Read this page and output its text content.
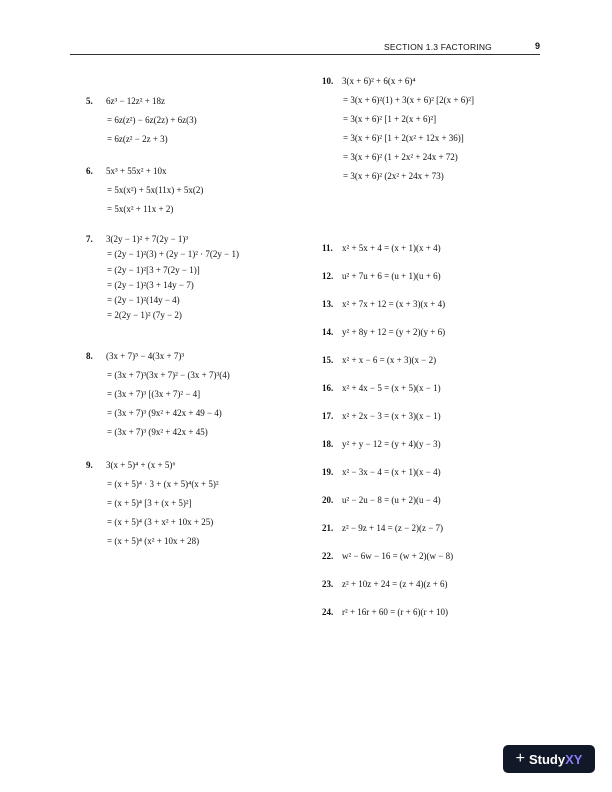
SECTION 1.3 FACTORING	9
5. 6z³ − 12z² + 18z
= 6z(z²) − 6z(2z) + 6z(3)
= 6z(z² − 2z + 3)
6. 5x³ + 55x² + 10x
= 5x(x²) + 5x(11x) + 5x(2)
= 5x(x² + 11x + 2)
7. 3(2y − 1)² + 7(2y − 1)³
= (2y − 1)²(3) + (2y − 1)² · 7(2y − 1)
= (2y − 1)²[3 + 7(2y − 1)]
= (2y − 1)²(3 + 14y − 7)
= (2y − 1)²(14y − 4)
= 2(2y − 1)² (7y − 2)
8. (3x + 7)⁵ − 4(3x + 7)³
= (3x + 7)³(3x + 7)² − (3x + 7)³(4)
= (3x + 7)³ [(3x + 7)² − 4]
= (3x + 7)³ (9x² + 42x + 49 − 4)
= (3x + 7)³ (9x² + 42x + 45)
9. 3(x + 5)⁴ + (x + 5)⁶
= (x + 5)⁴ · 3 + (x + 5)⁴(x + 5)²
= (x + 5)⁴ [3 + (x + 5)²]
= (x + 5)⁴ (3 + x² + 10x + 25)
= (x + 5)⁴ (x² + 10x + 28)
10. 3(x + 6)² + 6(x + 6)⁴
= 3(x + 6)²(1) + 3(x + 6)² [2(x + 6)²]
= 3(x + 6)² [1 + 2(x + 6)²]
= 3(x + 6)² [1 + 2(x² + 12x + 36)]
= 3(x + 6)² (1 + 2x² + 24x + 72)
= 3(x + 6)² (2x² + 24x + 73)
11. x² + 5x + 4 = (x + 1)(x + 4)
12. u² + 7u + 6 = (u + 1)(u + 6)
13. x² + 7x + 12 = (x + 3)(x + 4)
14. y² + 8y + 12 = (y + 2)(y + 6)
15. x² + x − 6 = (x + 3)(x − 2)
16. x² + 4x − 5 = (x + 5)(x − 1)
17. x² + 2x − 3 = (x + 3)(x − 1)
18. y² + y − 12 = (y + 4)(y − 3)
19. x² − 3x − 4 = (x + 1)(x − 4)
20. u² − 2u − 8 = (u + 2)(u − 4)
21. z² − 9z + 14 = (z − 2)(z − 7)
22. w² − 6w − 16 = (w + 2)(w − 8)
23. z² + 10z + 24 = (z + 4)(z + 6)
24. r² + 16r + 60 = (r + 6)(r + 10)
+ StudyXY
